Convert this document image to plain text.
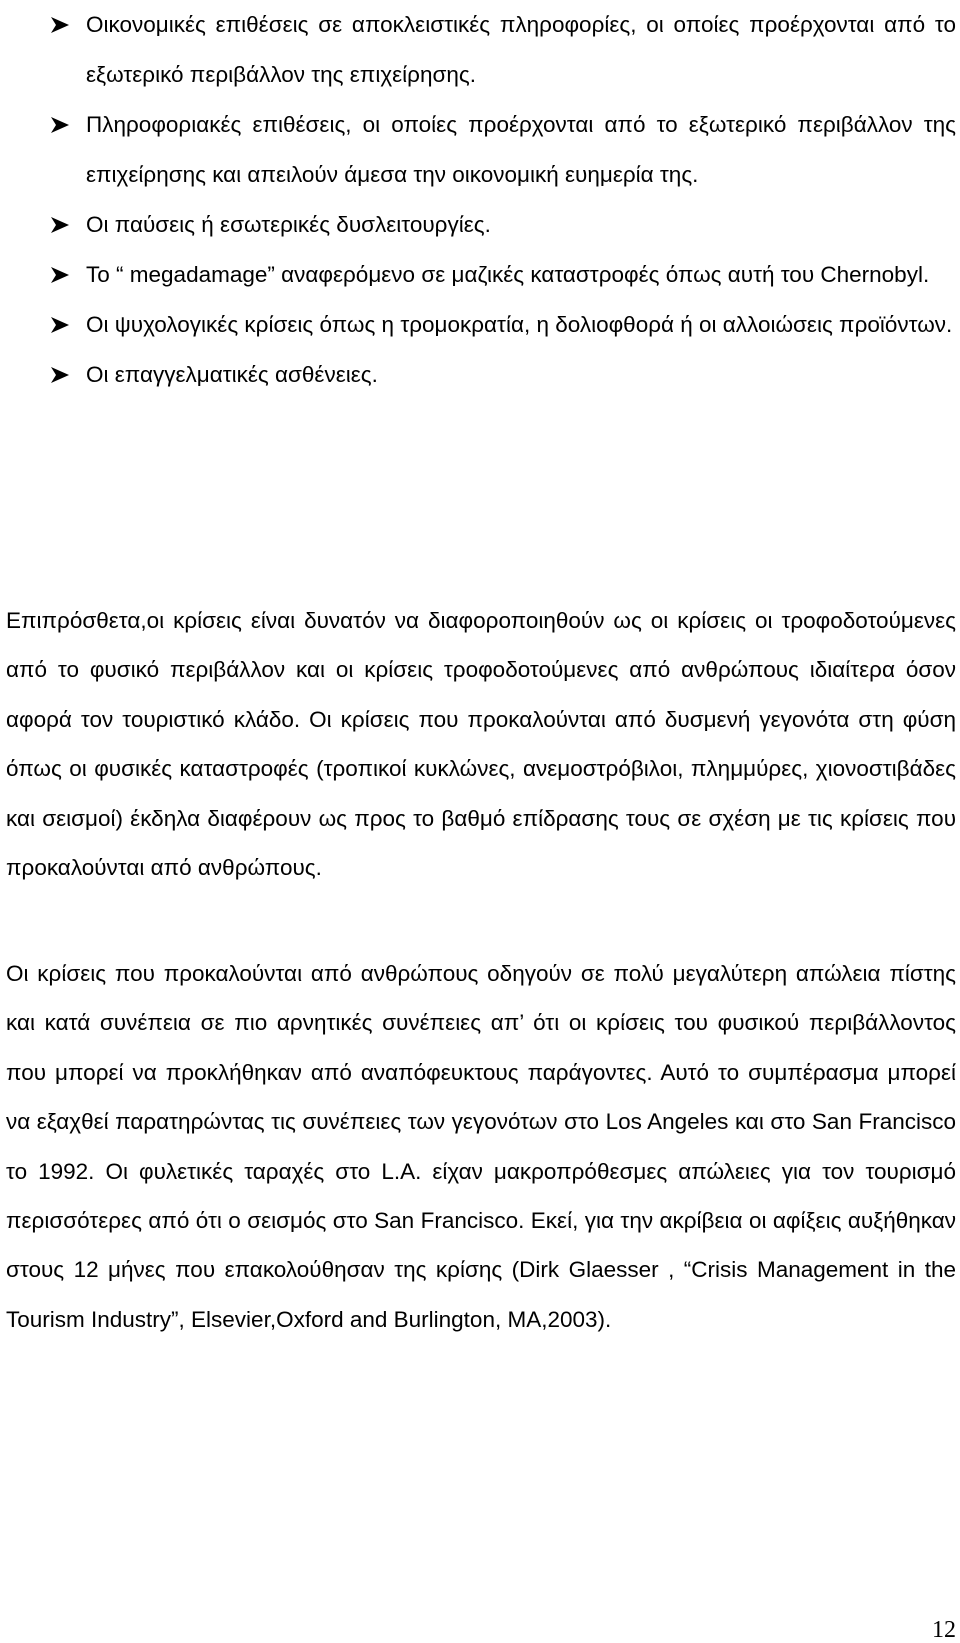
Οικονομικές επιθέσεις σε αποκλειστικές πληροφορίες, οι οποίες προέρχονται από το εξωτερικό περιβάλλον της επιχείρησης.
Πληροφοριακές επιθέσεις, οι οποίες προέρχονται από το εξωτερικό περιβάλλον της επιχείρησης και απειλούν άμεσα την οικονομική ευημερία της.
Οι παύσεις ή εσωτερικές δυσλειτουργίες.
Το “ megadamage” αναφερόμενο σε μαζικές καταστροφές όπως αυτή του Chernobyl.
Οι ψυχολογικές κρίσεις όπως η τρομοκρατία, η δολιοφθορά ή οι αλλοιώσεις προϊόντων.
Οι επαγγελματικές ασθένειες.

Επιπρόσθετα,οι κρίσεις είναι δυνατόν να διαφοροποιηθούν ως οι κρίσεις οι τροφοδοτούμενες από το φυσικό περιβάλλον και οι κρίσεις τροφοδοτούμενες από ανθρώπους ιδιαίτερα όσον αφορά τον τουριστικό κλάδο. Οι κρίσεις που προκαλούνται από δυσμενή γεγονότα στη φύση όπως οι φυσικές καταστροφές (τροπικοί κυκλώνες, ανεμοστρόβιλοι, πλημμύρες, χιονοστιβάδες και σεισμοί) έκδηλα διαφέρουν ως προς το βαθμό επίδρασης τους σε σχέση με τις κρίσεις που προκαλούνται από ανθρώπους.

Οι κρίσεις που προκαλούνται από ανθρώπους οδηγούν σε πολύ μεγαλύτερη απώλεια πίστης και κατά συνέπεια σε πιο αρνητικές συνέπειες απ’ ότι οι κρίσεις του φυσικού περιβάλλοντος που μπορεί να προκλήθηκαν από αναπόφευκτους παράγοντες. Αυτό το συμπέρασμα μπορεί να εξαχθεί παρατηρώντας τις συνέπειες των γεγονότων στο Los Angeles και στο San Francisco το 1992. Οι φυλετικές ταραχές στο L.A. είχαν μακροπρόθεσμες απώλειες για τον τουρισμό περισσότερες από ότι ο σεισμός στο San Francisco. Εκεί, για την ακρίβεια οι αφίξεις αυξήθηκαν στους 12 μήνες που επακολούθησαν της κρίσης (Dirk Glaesser , “Crisis Management in the Tourism Industry”, Elsevier,Oxford and Burlington, MA,2003).

12
